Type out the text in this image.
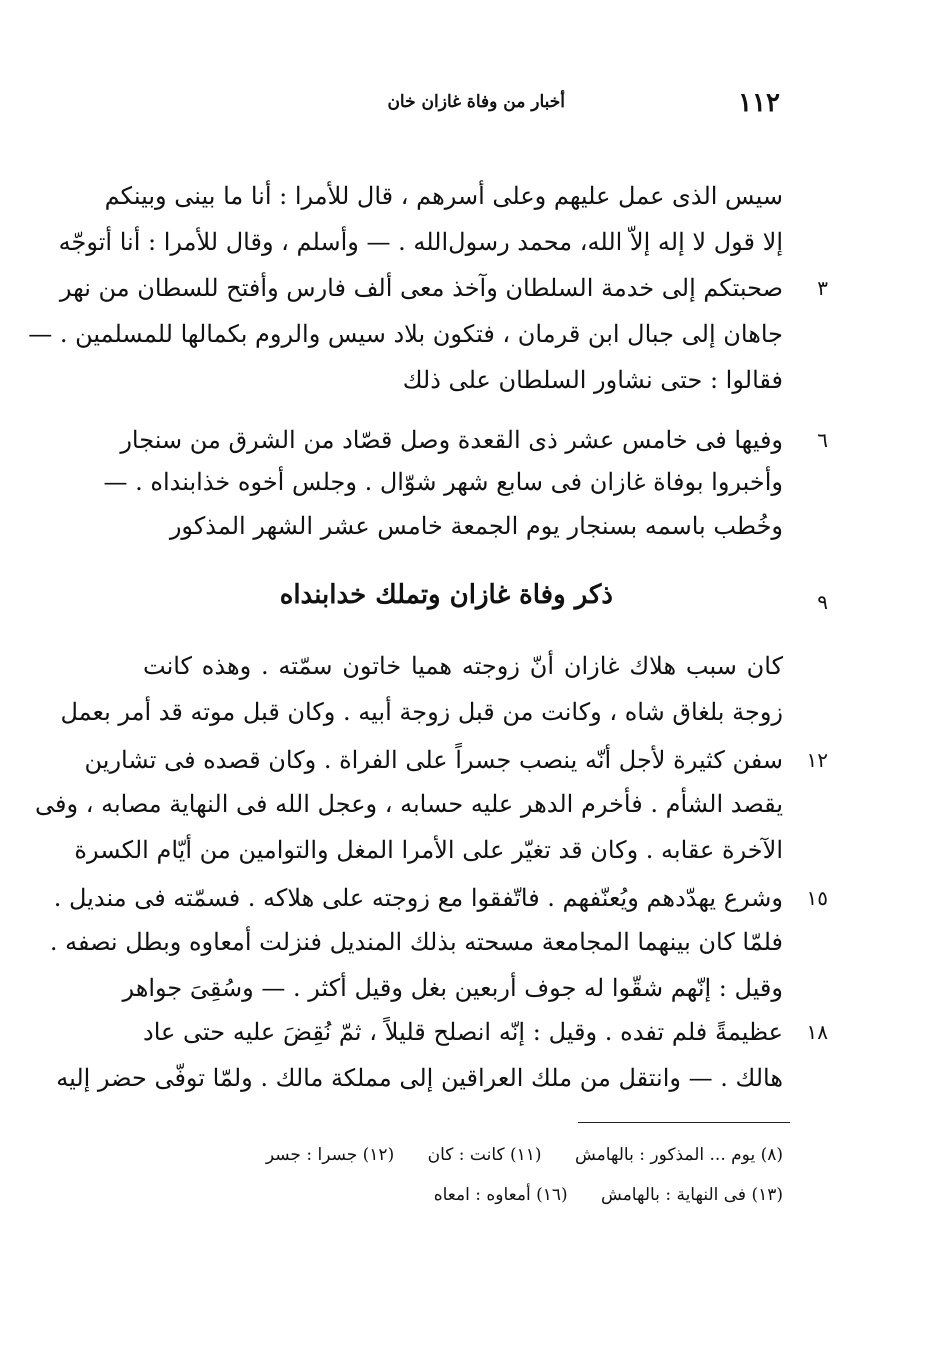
١١٢
أخبار من وفاة غازان خان
سيس الذى عمل عليهم وعلى أسرهم ، قال للأمرا : أنا ما بينى وبينكم
إلا قول لا إله إلاّ الله، محمد رسول‌الله . — وأسلم ، وقال للأمرا : أنا أتوجّه
٣
صحبتكم إلى خدمة السلطان وآخذ معى ألف فارس وأفتح للسطان من نهر
جاهان إلى جبال ابن قرمان ، فتكون بلاد سيس والروم بكمالها للمسلمين . —
فقالوا : حتى نشاور السلطان على ذلك
٦
وفيها فى خامس عشر ذى القعدة وصل قصّاد من الشرق من سنجار
وأخبروا بوفاة غازان فى سابع شهر شوّال . وجلس أخوه خذابنداه . —
وخُطب باسمه بسنجار يوم الجمعة خامس عشر الشهر المذكور
٩
ذكر وفاة غازان وتملك خدابنداه
كان سبب هلاك غازان أنّ زوجته هميا خاتون سمّته . وهذه كانت
زوجة بلغاق شاه ، وكانت من قبل زوجة أبيه . وكان قبل موته قد أمر بعمل
١٢
سفن كثيرة لأجل أنّه ينصب جسراً على الفراة . وكان قصده فى تشارين
يقصد الشأم . فأخرم الدهر عليه حسابه ، وعجل الله فى النهاية مصابه ، وفى
الآخرة عقابه . وكان قد تغيّر على الأمرا المغل والتوامين من أيّام الكسرة
١٥
وشرع يهدّدهم ويُعنّفهم . فاتّفقوا مع زوجته على هلاكه . فسمّته فى منديل .
فلمّا كان بينهما المجامعة مسحته بذلك المنديل فنزلت أمعاوه وبطل نصفه .
وقيل : إنّهم شقّوا له جوف أربعين بغل وقيل أكثر . — وسُقِىَ جواهر
١٨
عظيمةً فلم تفده . وقيل : إنّه انصلح قليلاً ، ثمّ نُقِضَ عليه حتى عاد
هالك . — وانتقل من ملك العراقين إلى مملكة مالك . ولمّا توفّى حضر إليه
(٨) يوم ... المذكور : بالهامش (١١) كانت : كان (١٢) جسرا : جسر
(١٣) فى النهاية : بالهامش (١٦) أمعاوه : امعاه
